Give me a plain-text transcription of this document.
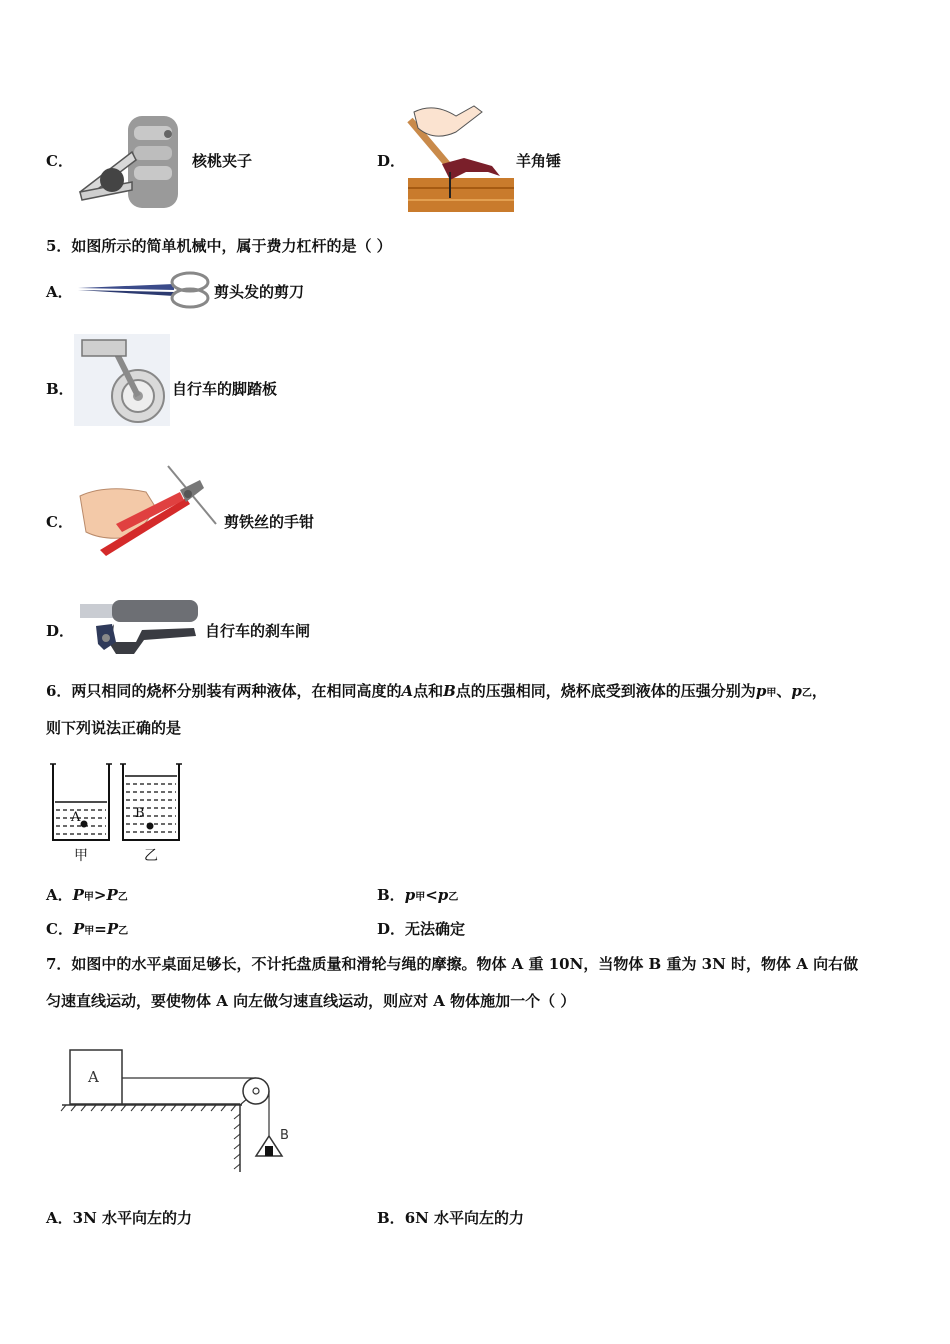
C．	核桃夹子	D．	羊角锤
5．如图所示的简单机械中，属于费力杠杆的是（ ）
A．	剪头发的剪刀
B．	自行车的脚踏板
C．	剪铁丝的手钳
D．	自行车的刹车闸
6．两只相同的烧杯分别装有两种液体，在相同高度的A点和B点的压强相同，烧杯底受到液体的压强分别为p甲、p乙，
则下列说法正确的是
A
甲
B
乙
A．P甲>P乙	B．p甲<p乙
C．P甲=P乙	D．无法确定
7．如图中的水平桌面足够长，不计托盘质量和滑轮与绳的摩擦。物体 A 重 10N，当物体 B 重为 3N 时，物体 A 向右做
匀速直线运动，要使物体 A 向左做匀速直线运动，则应对 A 物体施加一个（ ）
A
B
A．3N 水平向左的力	B．6N 水平向左的力
